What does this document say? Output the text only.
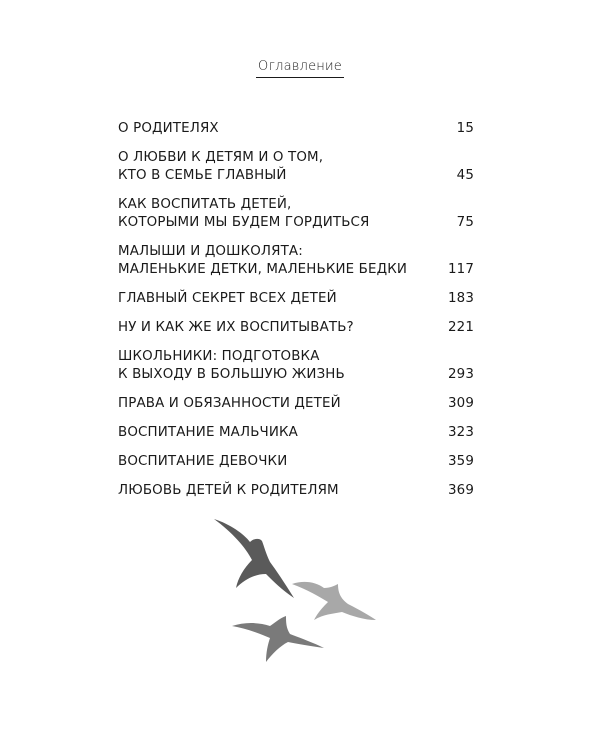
Оглавление
О РОДИТЕЛЯХ	15
О ЛЮБВИ К ДЕТЯМ И О ТОМ,
КТО В СЕМЬЕ ГЛАВНЫЙ	45
КАК ВОСПИТАТЬ ДЕТЕЙ,
КОТОРЫМИ МЫ БУДЕМ ГОРДИТЬСЯ	75
МАЛЫШИ И ДОШКОЛЯТА:
МАЛЕНЬКИЕ ДЕТКИ, МАЛЕНЬКИЕ БЕДКИ	117
ГЛАВНЫЙ СЕКРЕТ ВСЕХ ДЕТЕЙ	183
НУ И КАК ЖЕ ИХ ВОСПИТЫВАТЬ?	221
ШКОЛЬНИКИ: ПОДГОТОВКА
К ВЫХОДУ В БОЛЬШУЮ ЖИЗНЬ	293
ПРАВА И ОБЯЗАННОСТИ ДЕТЕЙ	309
ВОСПИТАНИЕ МАЛЬЧИКА	323
ВОСПИТАНИЕ ДЕВОЧКИ	359
ЛЮБОВЬ ДЕТЕЙ К РОДИТЕЛЯМ	369
